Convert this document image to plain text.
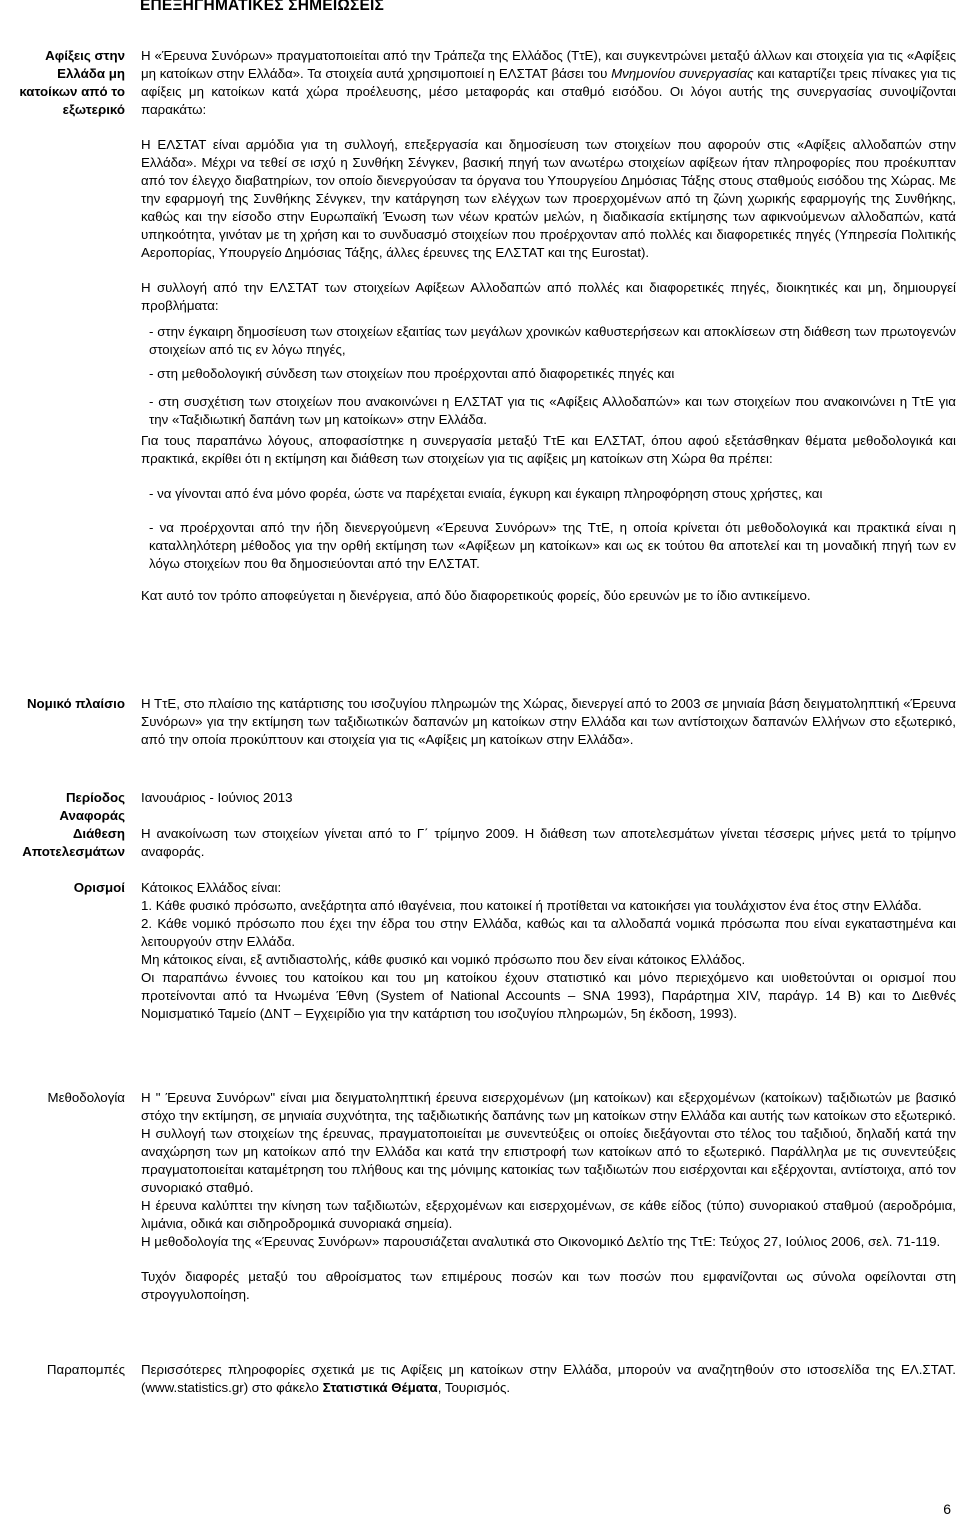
ΕΠΕΞΗΓΗΜΑΤΙΚΕΣ ΣΗΜΕΙΩΣΕΙΣ
Αφίξεις στην
Ελλάδα μη
κατοίκων από το
εξωτερικό

Η «Έρευνα Συνόρων» πραγματοποιείται από την Τράπεζα της Ελλάδος (ΤτΕ), και συγκεντρώνει μεταξύ άλλων και στοιχεία για τις «Αφίξεις μη κατοίκων στην Ελλάδα». Τα στοιχεία αυτά χρησιμοποιεί η ΕΛΣΤΑΤ βάσει του Μνημονίου συνεργασίας και καταρτίζει τρεις πίνακες για τις αφίξεις μη κατοίκων κατά χώρα προέλευσης, μέσο μεταφοράς και σταθμό εισόδου. Οι λόγοι αυτής της συνεργασίας συνοψίζονται παρακάτω:

Η ΕΛΣΤΑΤ είναι αρμόδια για τη συλλογή, επεξεργασία και δημοσίευση των στοιχείων που αφορούν στις «Αφίξεις αλλοδαπών στην Ελλάδα». Μέχρι να τεθεί σε ισχύ η Συνθήκη Σένγκεν, βασική πηγή των ανωτέρω στοιχείων αφίξεων ήταν πληροφορίες που προέκυπταν από τον έλεγχο διαβατηρίων, τον οποίο διενεργούσαν τα όργανα του Υπουργείου Δημόσιας Τάξης στους σταθμούς εισόδου της Χώρας. Με την εφαρμογή της Συνθήκης Σένγκεν, την κατάργηση των ελέγχων των προερχομένων από τη ζώνη χωρικής εφαρμογής της Συνθήκης, καθώς και την είσοδο στην Ευρωπαϊκή Ένωση των νέων κρατών μελών, η διαδικασία εκτίμησης των αφικνούμενων αλλοδαπών, κατά υπηκοότητα, γινόταν με τη χρήση και το συνδυασμό στοιχείων που προέρχονταν από πολλές και διαφορετικές πηγές (Υπηρεσία Πολιτικής Αεροπορίας, Υπουργείο Δημόσιας Τάξης, άλλες έρευνες της ΕΛΣΤΑΤ και της Eurostat).

Η συλλογή από την ΕΛΣΤΑΤ των στοιχείων Αφίξεων Αλλοδαπών από πολλές και διαφορετικές πηγές, διοικητικές και μη, δημιουργεί προβλήματα:

- στην έγκαιρη δημοσίευση των στοιχείων εξαιτίας των μεγάλων χρονικών καθυστερήσεων και αποκλίσεων στη διάθεση των πρωτογενών στοιχείων από τις εν λόγω πηγές,

- στη μεθοδολογική σύνδεση των στοιχείων που προέρχονται από διαφορετικές πηγές και

- στη συσχέτιση των στοιχείων που ανακοινώνει η ΕΛΣΤΑΤ για τις «Αφίξεις Αλλοδαπών» και των στοιχείων που ανακοινώνει η ΤτΕ για την «Ταξιδιωτική δαπάνη των μη κατοίκων» στην Ελλάδα.

Για τους παραπάνω λόγους, αποφασίστηκε η συνεργασία μεταξύ ΤτΕ και ΕΛΣΤΑΤ, όπου αφού εξετάσθηκαν θέματα μεθοδολογικά και πρακτικά, εκρίθει ότι η εκτίμηση και διάθεση των στοιχείων για τις αφίξεις μη κατοίκων στη Χώρα θα πρέπει:

- να γίνονται από ένα μόνο φορέα, ώστε να παρέχεται ενιαία, έγκυρη και έγκαιρη πληροφόρηση στους χρήστες, και

- να προέρχονται από την ήδη διενεργούμενη «Έρευνα Συνόρων» της ΤτΕ, η οποία κρίνεται ότι μεθοδολογικά και πρακτικά είναι η καταλληλότερη μέθοδος για την ορθή εκτίμηση των «Αφίξεων μη κατοίκων» και ως εκ τούτου θα αποτελεί και τη μοναδική πηγή των εν λόγω στοιχείων που θα δημοσιεύονται από την ΕΛΣΤΑΤ.

Κατ αυτό τον τρόπο αποφεύγεται η διενέργεια, από δύο διαφορετικούς φορείς, δύο ερευνών με το ίδιο αντικείμενο.

Νομικό πλαίσιο Η ΤτΕ, στο πλαίσιο της κατάρτισης του ισοζυγίου πληρωμών της Χώρας, διενεργεί από το 2003 σε μηνιαία βάση δειγματοληπτική «Έρευνα Συνόρων» για την εκτίμηση των ταξιδιωτικών δαπανών μη κατοίκων στην Ελλάδα και των αντίστοιχων δαπανών Ελλήνων στο εξωτερικό, από την οποία προκύπτουν και στοιχεία για τις «Αφίξεις μη κατοίκων στην Ελλάδα».

Περίοδος
Αναφοράς
Διάθεση
Αποτελεσμάτων

Ιανουάριος - Ιούνιος 2013

Η ανακοίνωση των στοιχείων γίνεται από το Γ΄ τρίμηνο 2009. Η διάθεση των αποτελεσμάτων γίνεται τέσσερις μήνες μετά το τρίμηνο αναφοράς.

Ορισμοί Κάτοικος Ελλάδος είναι:

1. Κάθε φυσικό πρόσωπο, ανεξάρτητα από ιθαγένεια, που κατοικεί ή προτίθεται να κατοικήσει για τουλάχιστον ένα έτος στην Ελλάδα.

2. Κάθε νομικό πρόσωπο που έχει την έδρα του στην Ελλάδα, καθώς και τα αλλοδαπά νομικά πρόσωπα που είναι εγκαταστημένα και λειτουργούν στην Ελλάδα.

Μη κάτοικος είναι, εξ αντιδιαστολής, κάθε φυσικό και νομικό πρόσωπο που δεν είναι κάτοικος Ελλάδος.

Οι παραπάνω έννοιες του κατοίκου και του μη κατοίκου έχουν στατιστικό και μόνο περιεχόμενο και υιοθετούνται οι ορισμοί που προτείνονται από τα Ηνωμένα Έθνη (System of National Accounts – SNA 1993), Παράρτημα ΧΙV, παράγρ. 14 Β) και το Διεθνές Νομισματικό Ταμείο (ΔΝΤ – Εγχειρίδιο για την κατάρτιση του ισοζυγίου πληρωμών, 5η έκδοση, 1993).

Μεθοδολογία Η " Έρευνα Συνόρων" είναι μια δειγματοληπτική έρευνα εισερχομένων (μη κατοίκων) και εξερχομένων (κατοίκων) ταξιδιωτών με βασικό στόχο την εκτίμηση, σε μηνιαία συχνότητα, της ταξιδιωτικής δαπάνης των μη κατοίκων στην Ελλάδα και αυτής των κατοίκων στο εξωτερικό. Η συλλογή των στοιχείων της έρευνας, πραγματοποιείται με συνεντεύξεις οι οποίες διεξάγονται στο τέλος του ταξιδιού, δηλαδή κατά την αναχώρηση των μη κατοίκων από την Ελλάδα και κατά την επιστροφή των κατοίκων από το εξωτερικό. Παράλληλα με τις συνεντεύξεις πραγματοποιείται καταμέτρηση του πλήθους και της μόνιμης κατοικίας των ταξιδιωτών που εισέρχονται και εξέρχονται, αντίστοιχα, από τον συνοριακό σταθμό.

Η έρευνα καλύπτει την κίνηση των ταξιδιωτών, εξερχομένων και εισερχομένων, σε κάθε είδος (τύπο) συνοριακού σταθμού (αεροδρόμια, λιμάνια, οδικά και σιδηροδρομικά συνοριακά σημεία).

Η μεθοδολογία της «Έρευνας Συνόρων» παρουσιάζεται αναλυτικά στο Οικονομικό Δελτίο της ΤτΕ: Τεύχος 27, Ιούλιος 2006, σελ. 71-119.

Τυχόν διαφορές μεταξύ του αθροίσματος των επιμέρους ποσών και των ποσών που εμφανίζονται ως σύνολα οφείλονται στη στρογγυλοποίηση.

Παραπομπές Περισσότερες πληροφορίες σχετικά με τις Αφίξεις μη κατοίκων στην Ελλάδα, μπορούν να αναζητηθούν στο ιστοσελίδα της ΕΛ.ΣΤΑΤ. (www.statistics.gr) στο φάκελο Στατιστικά Θέματα, Τουρισμός.

6
